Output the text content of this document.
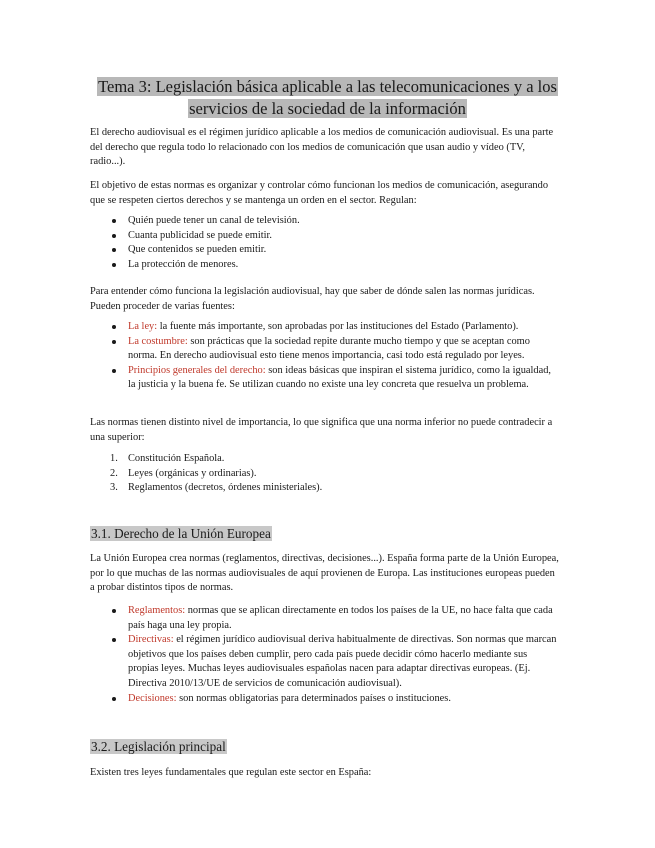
Tema 3: Legislación básica aplicable a las telecomunicaciones y a los
servicios de la sociedad de la información

El derecho audiovisual es el régimen jurídico aplicable a los medios de comunicación audiovisual. Es una parte del derecho que regula todo lo relacionado con los medios de comunicación que usan audio y vídeo (TV, radio...).

El objetivo de estas normas es organizar y controlar cómo funcionan los medios de comunicación, asegurando que se respeten ciertos derechos y se mantenga un orden en el sector. Regulan:

Quién puede tener un canal de televisión.
Cuanta publicidad se puede emitir.
Que contenidos se pueden emitir.
La protección de menores.

Para entender cómo funciona la legislación audiovisual, hay que saber de dónde salen las normas jurídicas. Pueden proceder de varias fuentes:

La ley: la fuente más importante, son aprobadas por las instituciones del Estado (Parlamento).
La costumbre: son prácticas que la sociedad repite durante mucho tiempo y que se aceptan como norma. En derecho audiovisual esto tiene menos importancia, casi todo está regulado por leyes.
Principios generales del derecho: son ideas básicas que inspiran el sistema jurídico, como la igualdad, la justicia y la buena fe. Se utilizan cuando no existe una ley concreta que resuelva un problema.

Las normas tienen distinto nivel de importancia, lo que significa que una norma inferior no puede contradecir a una superior:

1. Constitución Española.
2. Leyes (orgánicas y ordinarias).
3. Reglamentos (decretos, órdenes ministeriales).
3.1. Derecho de la Unión Europea

La Unión Europea crea normas (reglamentos, directivas, decisiones...). España forma parte de la Unión Europea, por lo que muchas de las normas audiovisuales de aquí provienen de Europa. Las instituciones europeas pueden a probar distintos tipos de normas.

Reglamentos: normas que se aplican directamente en todos los países de la UE, no hace falta que cada país haga una ley propia.
Directivas: el régimen jurídico audiovisual deriva habitualmente de directivas. Son normas que marcan objetivos que los países deben cumplir, pero cada país puede decidir cómo hacerlo mediante sus propias leyes. Muchas leyes audiovisuales españolas nacen para adaptar directivas europeas. (Ej. Directiva 2010/13/UE de servicios de comunicación audiovisual).
Decisiones: son normas obligatorias para determinados países o instituciones.
3.2. Legislación principal

Existen tres leyes fundamentales que regulan este sector en España:
